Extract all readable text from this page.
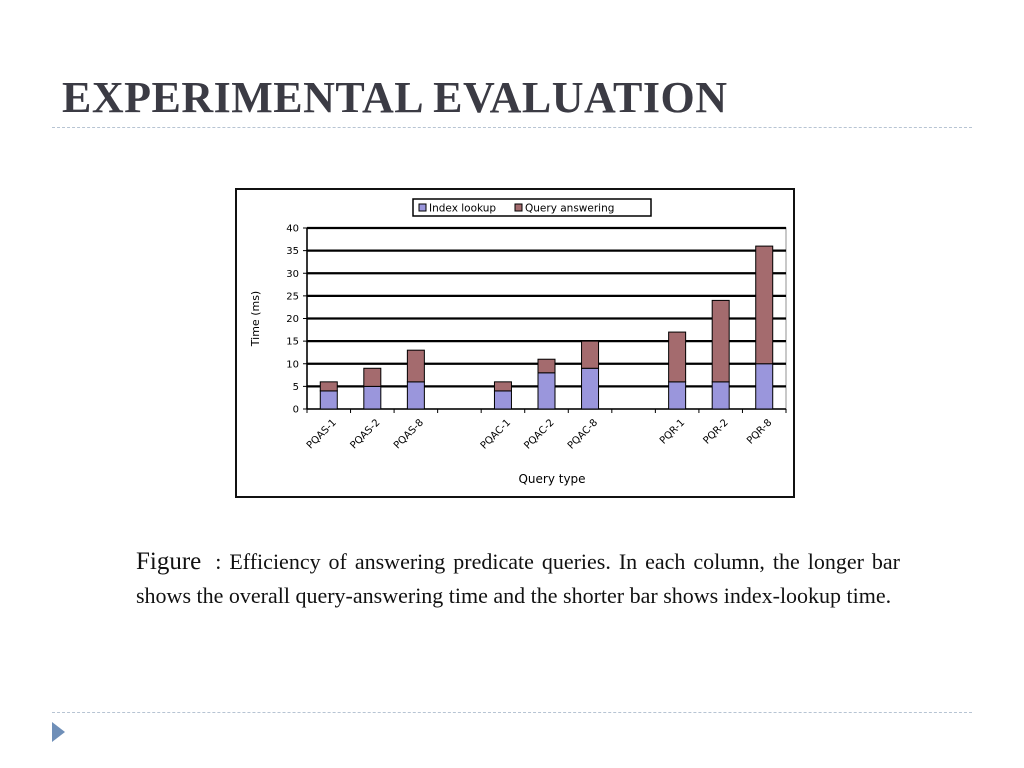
EXPERIMENTAL EVALUATION
0
5
10
15
20
25
30
35
40
PQAS-1 PQAS-2 PQAS-8	PQAC-1 PQAC-2 PQAC-8	PQR-1 PQR-2 PQR-8
Time (ms)
Query type
Index lookup	Query answering

Figure : Efficiency of answering predicate queries. In each column, the longer bar shows the overall query-answering time and the shorter bar shows index-lookup time.
